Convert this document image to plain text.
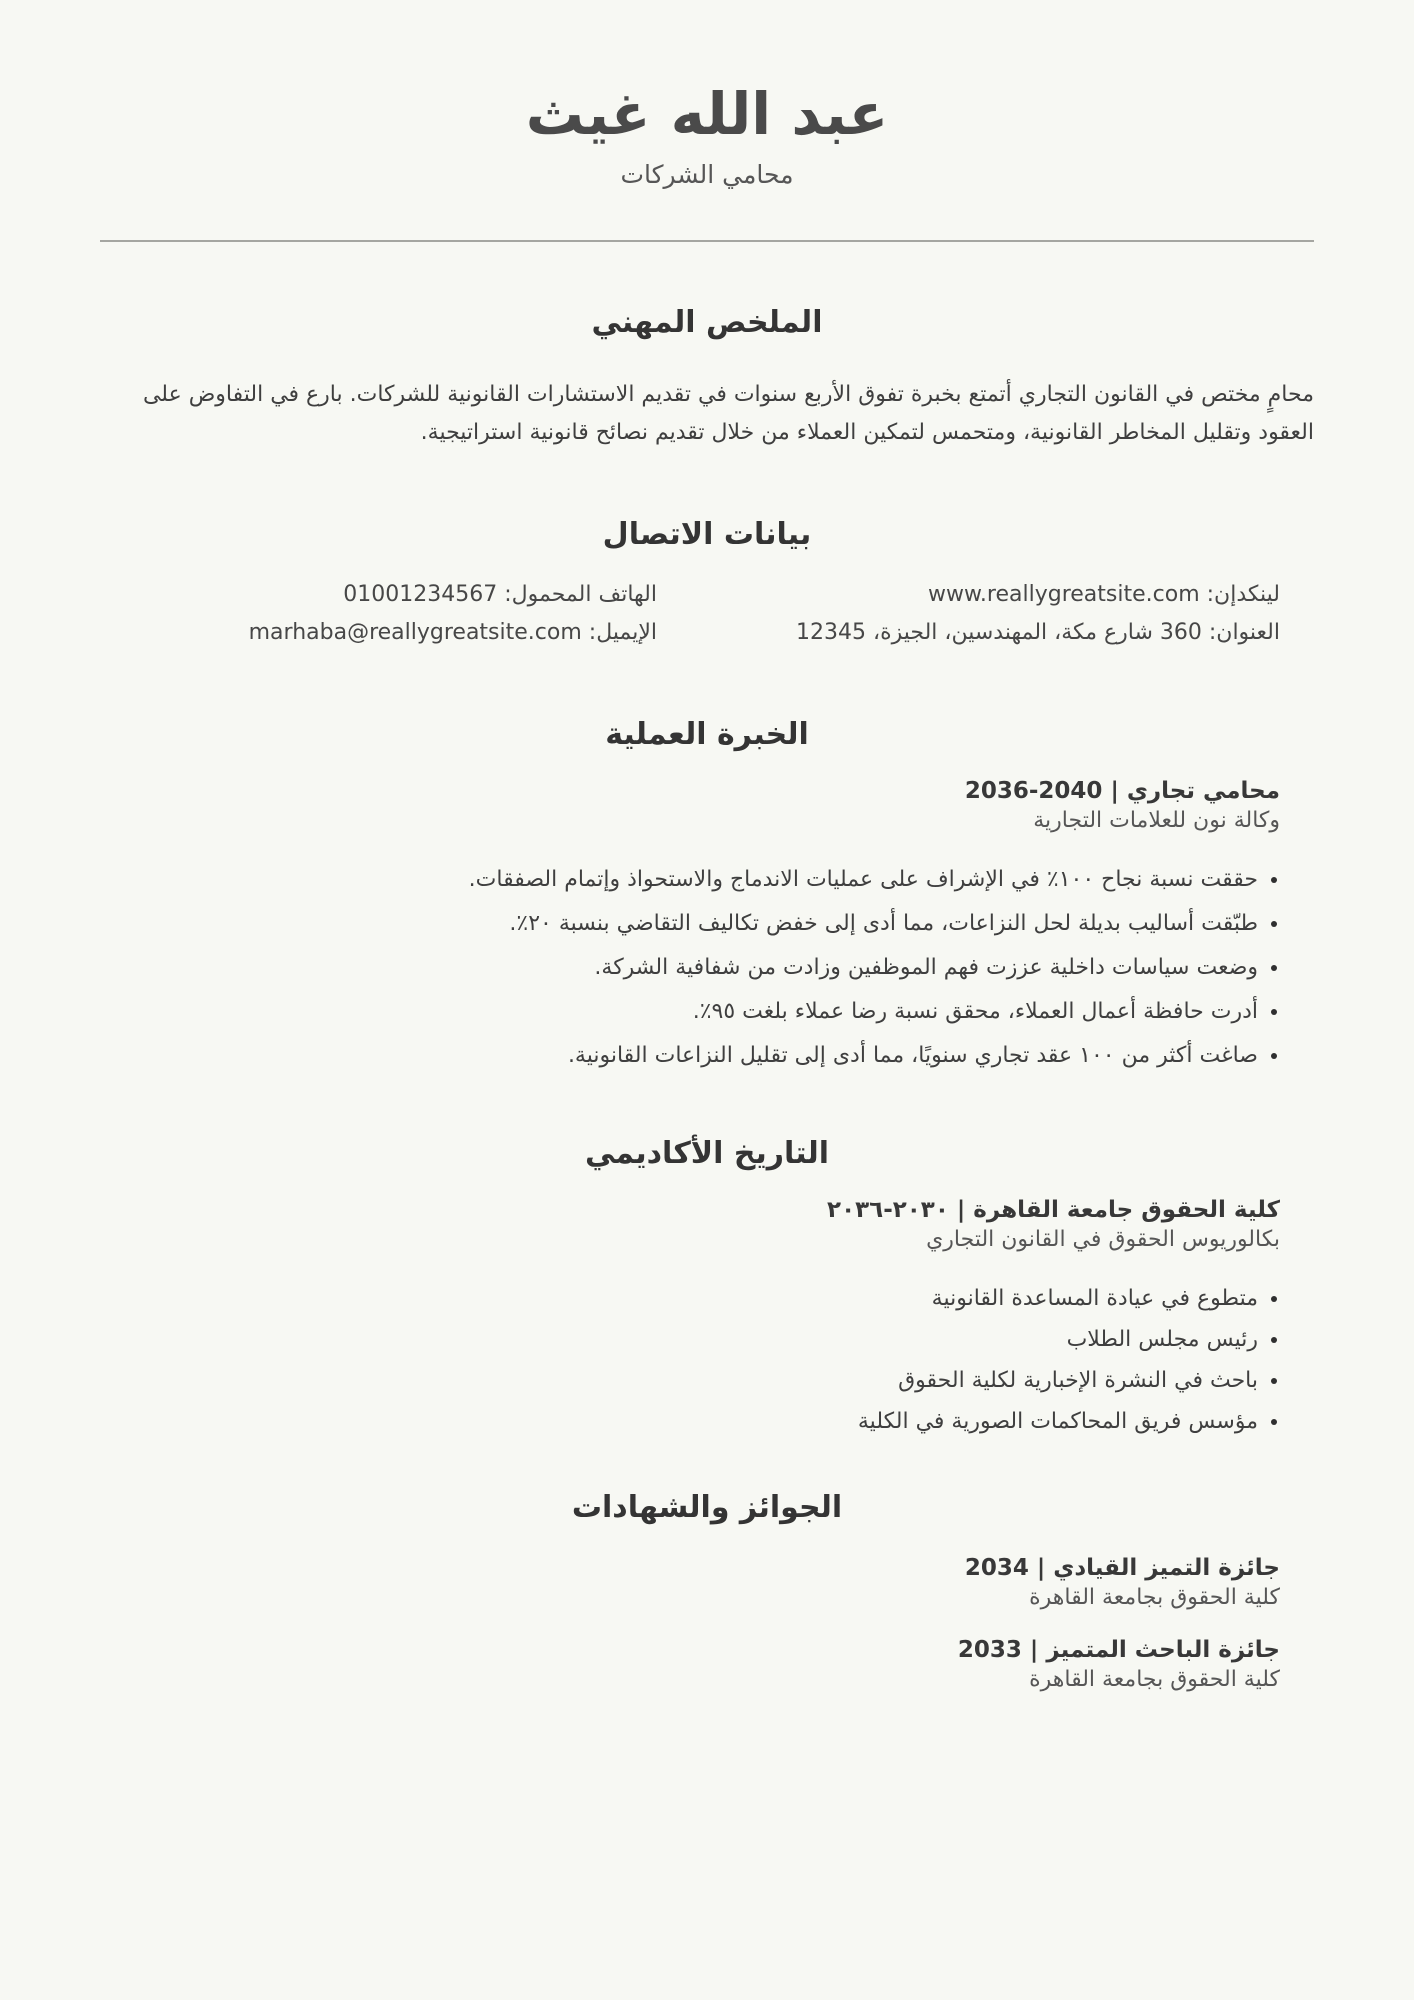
عبد الله غيث
محامي الشركات
الملخص المهني

محامٍ مختص في القانون التجاري أتمتع بخبرة تفوق الأربع سنوات في تقديم الاستشارات القانونية للشركات. بارع في التفاوض على العقود وتقليل المخاطر القانونية، ومتحمس لتمكين العملاء من خلال تقديم نصائح قانونية استراتيجية.

بيانات الاتصال
لينكدإن: www.reallygreatsite.com
الهاتف المحمول: 01001234567
العنوان: 360 شارع مكة، المهندسين، الجيزة، 12345
الإيميل: marhaba@reallygreatsite.com
الخبرة العملية
محامي تجاري | 2040-2036
وكالة نون للعلامات التجارية
• حققت نسبة نجاح ١٠٠٪ في الإشراف على عمليات الاندماج والاستحواذ وإتمام الصفقات.
• طبّقت أساليب بديلة لحل النزاعات، مما أدى إلى خفض تكاليف التقاضي بنسبة ٢٠٪.
• وضعت سياسات داخلية عززت فهم الموظفين وزادت من شفافية الشركة.
• أدرت حافظة أعمال العملاء، محقق نسبة رضا عملاء بلغت ٩٥٪.
• صاغت أكثر من ١٠٠ عقد تجاري سنويًا، مما أدى إلى تقليل النزاعات القانونية.
التاريخ الأكاديمي
كلية الحقوق جامعة القاهرة | ٢٠٣٠-٢٠٣٦
بكالوريوس الحقوق في القانون التجاري
• متطوع في عيادة المساعدة القانونية
• رئيس مجلس الطلاب
• باحث في النشرة الإخبارية لكلية الحقوق
• مؤسس فريق المحاكمات الصورية في الكلية
الجوائز والشهادات
جائزة التميز القيادي | 2034
كلية الحقوق بجامعة القاهرة
جائزة الباحث المتميز | 2033
كلية الحقوق بجامعة القاهرة
